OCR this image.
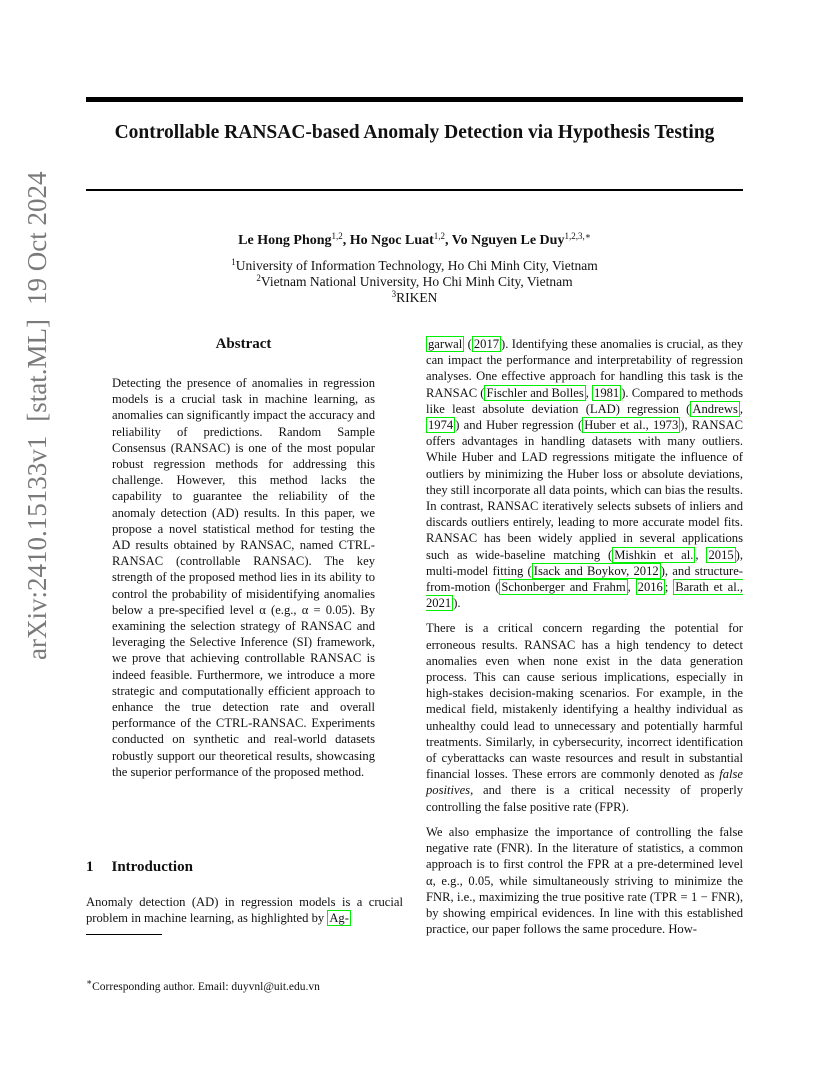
arXiv:2410.15133v1[stat.ML]19 Oct 2024
Controllable RANSAC-based Anomaly Detection via Hypothesis Testing
Le Hong Phong$^{1,2}$, Ho Ngoc Luat$^{1,2}$, Vo Nguyen Le Duy$^{1,2,3,∗}$
$^1$University of Information Technology, Ho Chi Minh City, Vietnam
$^2$Vietnam National University, Ho Chi Minh City, Vietnam
$^3$RIKEN
Abstract
Detecting the presence of anomalies in regression models is a crucial task in machine learning, as anomalies can significantly impact the accuracy and reliability of predictions. Random Sample Consensus (RANSAC) is one of the most popular robust regression methods for addressing this challenge. However, this method lacks the capability to guarantee the reliability of the anomaly detection (AD) results. In this paper, we propose a novel statistical method for testing the AD results obtained by RANSAC, named CTRL-RANSAC (controllable RANSAC). The key strength of the proposed method lies in its ability to control the probability of misidentifying anomalies below a pre-specified level α (e.g., α = 0.05). By examining the selection strategy of RANSAC and leveraging the Selective Inference (SI) framework, we prove that achieving controllable RANSAC is indeed feasible. Furthermore, we introduce a more strategic and computationally efficient approach to enhance the true detection rate and overall performance of the CTRL-RANSAC. Experiments conducted on synthetic and real-world datasets robustly support our theoretical results, showcasing the superior performance of the proposed method.
1 Introduction
Anomaly detection (AD) in regression models is a crucial problem in machine learning, as highlighted by Ag-
∗Corresponding author. Email: duyvnl@uit.edu.vn

garwal ( 2017 ). Identifying these anomalies is crucial, as they can impact the performance and interpretability of regression analyses. One effective approach for handling this task is the RANSAC ( Fischler and Bolles , 1981 ). Compared to methods like least absolute deviation (LAD) regression ( Andrews , 1974 ) and Huber regression ( Huber et al., 1973 ), RANSAC offers advantages in handling datasets with many outliers. While Huber and LAD regressions mitigate the influence of outliers by minimizing the Huber loss or absolute deviations, they still incorporate all data points, which can bias the results. In contrast, RANSAC iteratively selects subsets of inliers and discards outliers entirely, leading to more accurate model fits. RANSAC has been widely applied in several applications such as wide-baseline matching ( Mishkin et al. , 2015 ), multi-model fitting ( Isack and Boykov, 2012 ), and structure-from-motion ( Schonberger and Frahm , 2016 ; Barath et al., 2021 ).

There is a critical concern regarding the potential for erroneous results. RANSAC has a high tendency to detect anomalies even when none exist in the data generation process. This can cause serious implications, especially in high-stakes decision-making scenarios. For example, in the medical field, mistakenly identifying a healthy individual as unhealthy could lead to unnecessary and potentially harmful treatments. Similarly, in cybersecurity, incorrect identification of cyberattacks can waste resources and result in substantial financial losses. These errors are commonly denoted as false positives, and there is a critical necessity of properly controlling the false positive rate (FPR).

We also emphasize the importance of controlling the false negative rate (FNR). In the literature of statistics, a common approach is to first control the FPR at a pre-determined level α, e.g., 0.05, while simultaneously striving to minimize the FNR, i.e., maximizing the true positive rate (TPR = 1 − FNR), by showing empirical evidences. In line with this established practice, our paper follows the same procedure. How-
